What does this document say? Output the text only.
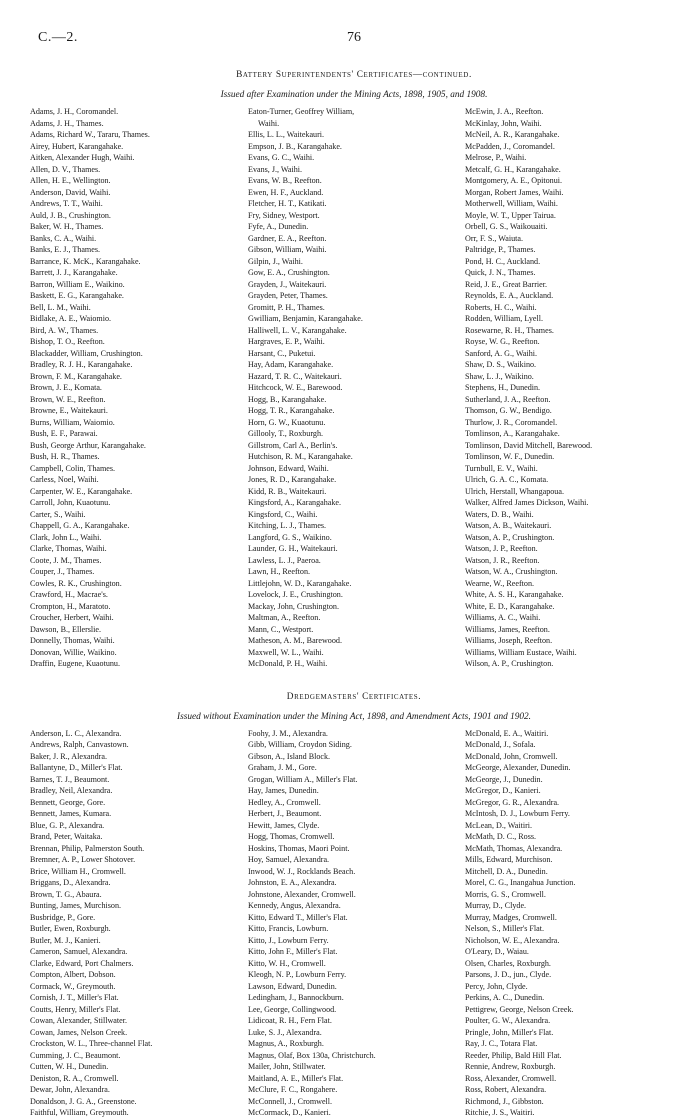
C.—2.	76
Battery Superintendents' Certificates—continued.
Issued after Examination under the Mining Acts, 1898, 1905, and 1908.
Adams, J. H., Coromandel.
Adams, J. H., Thames.
Adams, Richard W., Tararu, Thames.
Airey, Hubert, Karangahake.
Aitken, Alexander Hugh, Waihi.
Allen, D. V., Thames.
Allen, H. E., Wellington.
Anderson, David, Waihi.
Andrews, T. T., Waihi.
Auld, J. B., Crushington.
Baker, W. H., Thames.
Banks, C. A., Waihi.
Banks, E. J., Thames.
Barrance, K. McK., Karangahake.
Barrett, J. J., Karangahake.
Barron, William E., Waikino.
Baskett, E. G., Karangahake.
Bell, L. M., Waihi.
Bidlake, A. E., Waiomio.
Bird, A. W., Thames.
Bishop, T. O., Reefton.
Blackadder, William, Crushington.
Bradley, R. J. H., Karangahake.
Brown, F. M., Karangahake.
Brown, J. E., Komata.
Brown, W. E., Reefton.
Browne, E., Waitekauri.
Burns, William, Waiomio.
Bush, E. F., Parawai.
Bush, George Arthur, Karangahake.
Bush, H. R., Thames.
Campbell, Colin, Thames.
Carless, Noel, Waihi.
Carpenter, W. E., Karangahake.
Carroll, John, Kuaotunu.
Carter, S., Waihi.
Chappell, G. A., Karangahake.
Clark, John L., Waihi.
Clarke, Thomas, Waihi.
Coote, J. M., Thames.
Couper, J., Thames.
Cowles, R. K., Crushington.
Crawford, H., Macrae's.
Crompton, H., Maratoto.
Croucher, Herbert, Waihi.
Dawson, B., Ellerslie.
Donnelly, Thomas, Waihi.
Donovan, Willie, Waikino.
Draffin, Eugene, Kuaotunu.
Eaton-Turner, Geoffrey William,
Waihi.
Ellis, L. L., Waitekauri.
Empson, J. B., Karangahake.
Evans, G. C., Waihi.
Evans, J., Waihi.
Evans, W. B., Reefton.
Ewen, H. F., Auckland.
Fletcher, H. T., Katikati.
Fry, Sidney, Westport.
Fyfe, A., Dunedin.
Gardner, E. A., Reefton.
Gibson, William, Waihi.
Gilpin, J., Waihi.
Gow, E. A., Crushington.
Grayden, J., Waitekauri.
Grayden, Peter, Thames.
Gromitt, P. H., Thames.
Gwilliam, Benjamin, Karangahake.
Halliwell, L. V., Karangahake.
Hargraves, E. P., Waihi.
Harsant, C., Puketui.
Hay, Adam, Karangahake.
Hazard, T. R. C., Waitekauri.
Hitchcock, W. E., Barewood.
Hogg, B., Karangahake.
Hogg, T. R., Karangahake.
Horn, G. W., Kuaotunu.
Gillooly, T., Roxburgh.
Gillstrom, Carl A., Berlin's.
Hutchison, R. M., Karangahake.
Johnson, Edward, Waihi.
Jones, R. D., Karangahake.
Kidd, R. B., Waitekauri.
Kingsford, A., Karangahake.
Kingsford, C., Waihi.
Kitching, L. J., Thames.
Langford, G. S., Waikino.
Launder, G. H., Waitekauri.
Lawless, L. J., Paeroa.
Lawn, H., Reefton.
Littlejohn, W. D., Karangahake.
Lovelock, J. E., Crushington.
Mackay, John, Crushington.
Maltman, A., Reefton.
Mann, C., Westport.
Matheson, A. M., Barewood.
Maxwell, W. L., Waihi.
McDonald, P. H., Waihi.
McEwin, J. A., Reefton.
McKinlay, John, Waihi.
McNeil, A. R., Karangahake.
McPadden, J., Coromandel.
Melrose, P., Waihi.
Metcalf, G. H., Karangahake.
Montgomery, A. E., Opitonui.
Morgan, Robert James, Waihi.
Motherwell, William, Waihi.
Moyle, W. T., Upper Tairua.
Orbell, G. S., Waikouaiti.
Orr, F. S., Waiuta.
Paltridge, P., Thames.
Pond, H. C., Auckland.
Quick, J. N., Thames.
Reid, J. E., Great Barrier.
Reynolds, E. A., Auckland.
Roberts, H. C., Waihi.
Rodden, William, Lyell.
Rosewarne, R. H., Thames.
Royse, W. G., Reefton.
Sanford, A. G., Waihi.
Shaw, D. S., Waikino.
Shaw, L. J., Waikino.
Stephens, H., Dunedin.
Sutherland, J. A., Reefton.
Thomson, G. W., Bendigo.
Thurlow, J. R., Coromandel.
Tomlinson, A., Karangahake.
Tomlinson, David Mitchell, Barewood.
Tomlinson, W. F., Dunedin.
Turnbull, E. V., Waihi.
Ulrich, G. A. C., Komata.
Ulrich, Herstall, Whangapoua.
Walker, Alfred James Dickson, Waihi.
Waters, D. B., Waihi.
Watson, A. B., Waitekauri.
Watson, A. P., Crushington.
Watson, J. P., Reefton.
Watson, J. R., Reefton.
Watson, W. A., Crushington.
Wearne, W., Reefton.
White, A. S. H., Karangahake.
White, E. D., Karangahake.
Williams, A. C., Waihi.
Williams, James, Reefton.
Williams, Joseph, Reefton.
Williams, William Eustace, Waihi.
Wilson, A. P., Crushington.
Dredgemasters' Certificates.
Issued without Examination under the Mining Act, 1898, and Amendment Acts, 1901 and 1902.
Anderson, L. C., Alexandra.
Andrews, Ralph, Canvastown.
Baker, J. R., Alexandra.
Ballantyne, D., Miller's Flat.
Barnes, T. J., Beaumont.
Bradley, Neil, Alexandra.
Bennett, George, Gore.
Bennett, James, Kumara.
Blue, G. P., Alexandra.
Brand, Peter, Waitaka.
Brennan, Philip, Palmerston South.
Bremner, A. P., Lower Shotover.
Brice, William H., Cromwell.
Briggans, D., Alexandra.
Brown, T. G., Abaura.
Bunting, James, Murchison.
Busbridge, P., Gore.
Butler, Ewen, Roxburgh.
Butler, M. J., Kanieri.
Cameron, Samuel, Alexandra.
Clarke, Edward, Port Chalmers.
Compton, Albert, Dobson.
Cormack, W., Greymouth.
Cornish, J. T., Miller's Flat.
Coutts, Henry, Miller's Flat.
Cowan, Alexander, Stillwater.
Cowan, James, Nelson Creek.
Crockston, W. L., Three-channel Flat.
Cumming, J. C., Beaumont.
Cutten, W. H., Dunedin.
Deniston, R. A., Cromwell.
Dewar, John, Alexandra.
Donaldson, J. G. A., Greenstone.
Faithful, William, Greymouth.
Foohy, J. M., Alexandra.
Gibb, William, Croydon Siding.
Gibson, A., Island Block.
Graham, J. M., Gore.
Grogan, William A., Miller's Flat.
Hay, James, Dunedin.
Hedley, A., Cromwell.
Herbert, J., Beaumont.
Hewitt, James, Clyde.
Hogg, Thomas, Cromwell.
Hoskins, Thomas, Maori Point.
Hoy, Samuel, Alexandra.
Inwood, W. J., Rocklands Beach.
Johnston, E. A., Alexandra.
Johnstone, Alexander, Cromwell.
Kennedy, Angus, Alexandra.
Kitto, Edward T., Miller's Flat.
Kitto, Francis, Lowburn.
Kitto, J., Lowburn Ferry.
Kitto, John F., Miller's Flat.
Kitto, W. H., Cromwell.
Kleogh, N. P., Lowburn Ferry.
Lawson, Edward, Dunedin.
Ledingham, J., Bannockburn.
Lee, George, Collingwood.
Lidicoat, R. H., Fern Flat.
Luke, S. J., Alexandra.
Magnus, A., Roxburgh.
Magnus, Olaf, Box 130a, Christchurch.
Mailer, John, Stillwater.
Maitland, A. E., Miller's Flat.
McClure, F. C., Rongahere.
McConnell, J., Cromwell.
McCormack, D., Kanieri.
McDonald, E. A., Waitiri.
McDonald, J., Sofala.
McDonald, John, Cromwell.
McGeorge, Alexander, Dunedin.
McGeorge, J., Dunedin.
McGregor, D., Kanieri.
McGregor, G. R., Alexandra.
McIntosh, D. J., Lowburn Ferry.
McLean, D., Waitiri.
McMath, D. C., Ross.
McMath, Thomas, Alexandra.
Mills, Edward, Murchison.
Mitchell, D. A., Dunedin.
Morel, C. G., Inangahua Junction.
Morris, G. S., Cromwell.
Murray, D., Clyde.
Murray, Madges, Cromwell.
Nelson, S., Miller's Flat.
Nicholson, W. E., Alexandra.
O'Leary, D., Waiau.
Olsen, Charles, Roxburgh.
Parsons, J. D., jun., Clyde.
Percy, John, Clyde.
Perkins, A. C., Dunedin.
Pettigrew, George, Nelson Creek.
Poulter, G. W., Alexandra.
Pringle, John, Miller's Flat.
Ray, J. C., Totara Flat.
Reeder, Philip, Bald Hill Flat.
Rennie, Andrew, Roxburgh.
Ross, Alexander, Cromwell.
Ross, Robert, Alexandra.
Richmond, J., Gibbston.
Ritchie, J. S., Waitiri.
